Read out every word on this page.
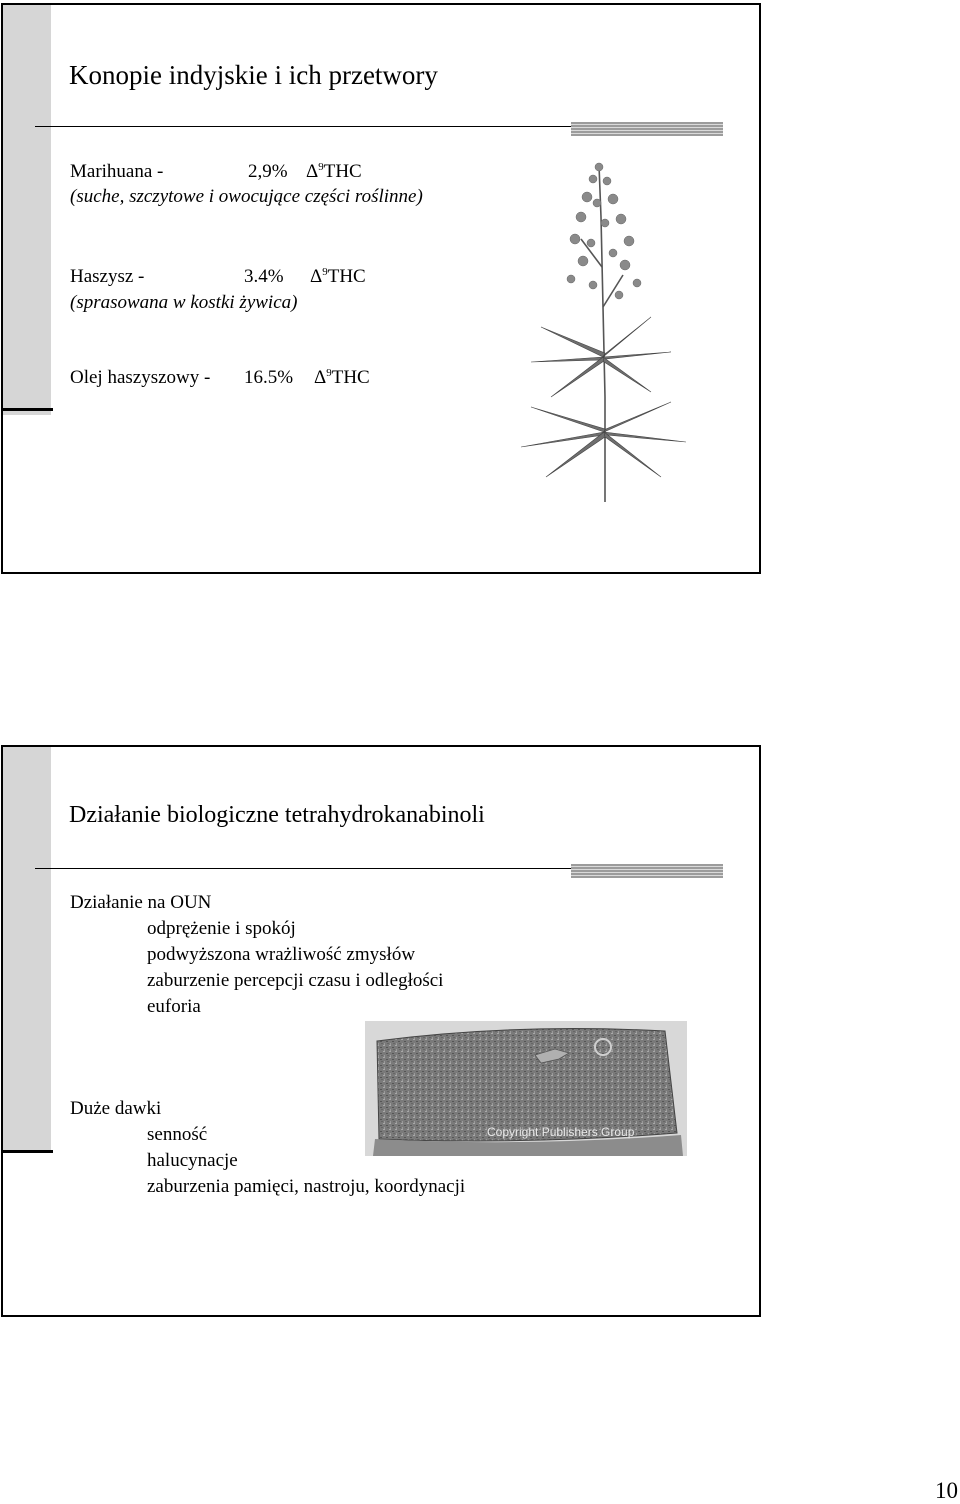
Konopie indyjskie i ich przetwory
Marihuana -	2,9% $\Delta^9THC$
(suche, szczytowe i owocujące części roślinne)
Haszysz -	3.4% $\Delta^9THC$
(sprasowana w kostki żywica)
Olej haszyszowy - 16.5% $\Delta^9THC$
Działanie biologiczne tetrahydrokanabinoli
Działanie na OUN
odprężenie i spokój
podwyższona wrażliwość zmysłów
zaburzenie percepcji czasu i odległości
euforia
Copyright Publishers Group
Duże dawki
senność
halucynacje
zaburzenia pamięci, nastroju, koordynacji
10
